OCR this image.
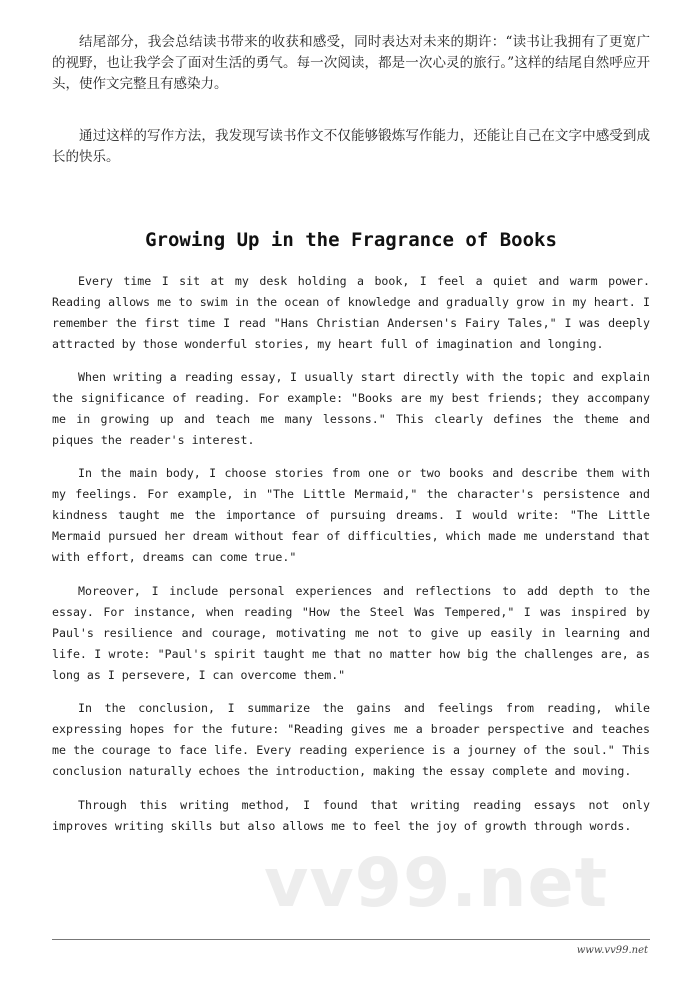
结尾部分，我会总结读书带来的收获和感受，同时表达对未来的期许：“读书让我拥有了更宽广的视野，也让我学会了面对生活的勇气。每一次阅读，都是一次心灵的旅行。”这样的结尾自然呼应开头，使作文完整且有感染力。

通过这样的写作方法，我发现写读书作文不仅能够锻炼写作能力，还能让自己在文字中感受到成长的快乐。

Growing Up in the Fragrance of Books

Every time I sit at my desk holding a book, I feel a quiet and warm power. Reading allows me to swim in the ocean of knowledge and gradually grow in my heart. I remember the first time I read "Hans Christian Andersen's Fairy Tales," I was deeply attracted by those wonderful stories, my heart full of imagination and longing.

When writing a reading essay, I usually start directly with the topic and explain the significance of reading. For example: "Books are my best friends; they accompany me in growing up and teach me many lessons." This clearly defines the theme and piques the reader's interest.

In the main body, I choose stories from one or two books and describe them with my feelings. For example, in "The Little Mermaid," the character's persistence and kindness taught me the importance of pursuing dreams. I would write: "The Little Mermaid pursued her dream without fear of difficulties, which made me understand that with effort, dreams can come true."

Moreover, I include personal experiences and reflections to add depth to the essay. For instance, when reading "How the Steel Was Tempered," I was inspired by Paul's resilience and courage, motivating me not to give up easily in learning and life. I wrote: "Paul's spirit taught me that no matter how big the challenges are, as long as I persevere, I can overcome them."

In the conclusion, I summarize the gains and feelings from reading, while expressing hopes for the future: "Reading gives me a broader perspective and teaches me the courage to face life. Every reading experience is a journey of the soul." This conclusion naturally echoes the introduction, making the essay complete and moving.

Through this writing method, I found that writing reading essays not only improves writing skills but also allows me to feel the joy of growth through words.

vv99.net
www.vv99.net
